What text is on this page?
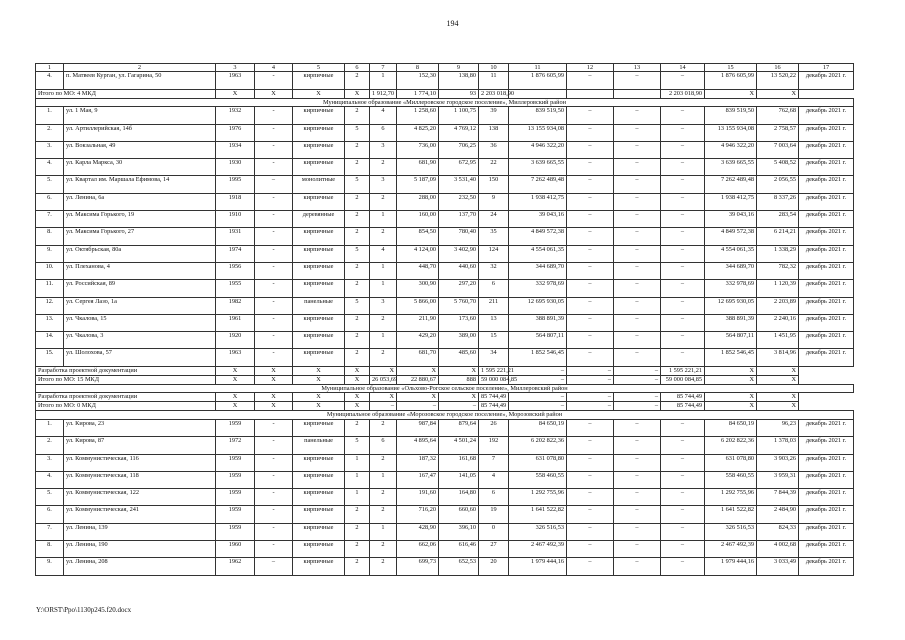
194
1	2	3	4	5	6	7	8	9	10	11	12	13	14	15	16	17
4.	п. Матвеев Курган, ул. Гагарина, 50	1963	-	кирпичные	2	1	152,30	138,80	11	1 876 605,99	–	–	–	1 876 605,99	13 520,22	декабрь 2021 г.
Итого по МО: 4 МКД		X	X	X	X	1 912,70	1 774,10	93	2 203 018,90				2 203 018,90	X	X	
Муниципальное образование «Миллеровское городское поселение», Миллеровский район																
1.	ул. 1 Мая, 9	1932	-	кирпичные	2	4	1 258,60	1 100,75	39	839 519,50	–	–	–	839 519,50	762,68	декабрь 2021 г.
2.	ул. Артиллерийская, 14б	1976	-	кирпичные	5	6	4 825,20	4 769,12	138	13 155 934,08	–	–	–	13 155 934,08	2 758,57	декабрь 2021 г.
3.	ул. Вокзальная, 49	1934	-	кирпичные	2	3	736,00	706,25	36	4 946 322,20	–	–	–	4 946 322,20	7 003,64	декабрь 2021 г.
4.	ул. Карла Маркса, 30	1930	-	кирпичные	2	2	681,90	672,95	22	3 639 665,55	–	–	–	3 639 665,55	5 408,52	декабрь 2021 г.
5.	ул. Квартал им. Маршала Ефимова, 14	1995	–	монолитные	5	3	5 187,09	3 531,40	150	7 262 489,48	–	–	–	7 262 489,48	2 056,55	декабрь 2021 г.
6.	ул. Ленина, 6а	1918	-	кирпичные	2	2	288,00	232,50	9	1 938 412,75	–	–	–	1 938 412,75	8 337,26	декабрь 2021 г.
7.	ул. Максима Горького, 19	1910	-	деревянные	2	1	160,00	137,70	24	39 043,16	–	–	–	39 043,16	283,54	декабрь 2021 г.
8.	ул. Максима Горького, 27	1931	-	кирпичные	2	2	854,50	780,40	35	4 849 572,38	–	–	–	4 849 572,38	6 214,21	декабрь 2021 г.
9.	ул. Октябрьская, 80а	1974	-	кирпичные	5	4	4 124,00	3 402,90	124	4 554 061,35	–	–	–	4 554 061,35	1 338,29	декабрь 2021 г.
10.	ул. Плеханова, 4	1956	-	кирпичные	2	1	448,70	440,60	32	344 689,70	–	–	–	344 689,70	782,32	декабрь 2021 г.
11.	ул. Российская, 89	1955	-	кирпичные	2	1	300,90	297,20	6	332 978,69	–	–	–	332 978,69	1 120,39	декабрь 2021 г.
12.	ул. Сергея Лазо, 1а	1982	-	панельные	5	3	5 866,00	5 760,70	211	12 695 930,05	–	–	–	12 695 930,05	2 203,89	декабрь 2021 г.
13.	ул. Чкалова, 15	1961	-	кирпичные	2	2	211,90	173,60	13	388 891,39	–	–	–	388 891,39	2 240,16	декабрь 2021 г.
14.	ул. Чкалова, 3	1920	-	кирпичные	2	1	429,20	389,00	15	564 807,11	–	–	–	564 807,11	1 451,95	декабрь 2021 г.
15.	ул. Шолохова, 57	1963	-	кирпичные	2	2	681,70	485,60	34	1 852 546,45	–	–	–	1 852 546,45	3 814,96	декабрь 2021 г.
Разработка проектной документации		X	X	X	X	X	X	X	1 595 221,21	–	–	–	1 595 221,21	X	X	
Итого по МО: 15 МКД		X	X	X	X	26 053,69	22 880,67	888	59 000 084,85	–	–	–	59 000 084,85	X	X	
Муниципальное образование «Ольхово-Рогское сельское поселение», Миллеровский район																
Разработка проектной документации		X	X	X	X	X	X	X	85 744,49	–	–	–	85 744,49	X	X	
Итого по МО: 0 МКД		X	X	X	X	–	–	–	85 744,49	–	–	–	85 744,49	X	X	
Муниципальное образование «Морозовское городское поселение», Морозовский район																
1.	ул. Кирова, 23	1959	-	кирпичные	2	2	987,84	879,64	26	84 650,19	–	–	–	84 650,19	96,23	декабрь 2021 г.
2.	ул. Кирова, 87	1972	-	панельные	5	6	4 895,64	4 501,24	192	6 202 822,36	–	–	–	6 202 822,36	1 378,03	декабрь 2021 г.
3.	ул. Коммунистическая, 116	1959	-	кирпичные	1	2	187,32	161,68	7	631 078,80	–	–	–	631 078,80	3 903,26	декабрь 2021 г.
4.	ул. Коммунистическая, 118	1959	-	кирпичные	1	1	167,47	141,05	4	558 460,55	–	–	–	558 460,55	3 959,31	декабрь 2021 г.
5.	ул. Коммунистическая, 122	1959	-	кирпичные	1	2	191,60	164,80	6	1 292 755,96	–	–	–	1 292 755,96	7 844,39	декабрь 2021 г.
6.	ул. Коммунистическая, 241	1959	-	кирпичные	2	2	716,20	660,60	19	1 641 522,82	–	–	–	1 641 522,82	2 484,90	декабрь 2021 г.
7.	ул. Ленина, 139	1959	-	кирпичные	2	1	428,90	396,10	0	326 516,53	–	–	–	326 516,53	824,33	декабрь 2021 г.
8.	ул. Ленина, 190	1960	-	кирпичные	2	2	662,06	616,46	27	2 467 492,39	–	–	–	2 467 492,39	4 002,68	декабрь 2021 г.
9.	ул. Ленина, 208	1962	–	кирпичные	2	2	699,73	652,53	20	1 979 444,16	–	–	–	1 979 444,16	3 033,49	декабрь 2021 г.
Y:\ORST\Ppo\1130p245.f20.docx
